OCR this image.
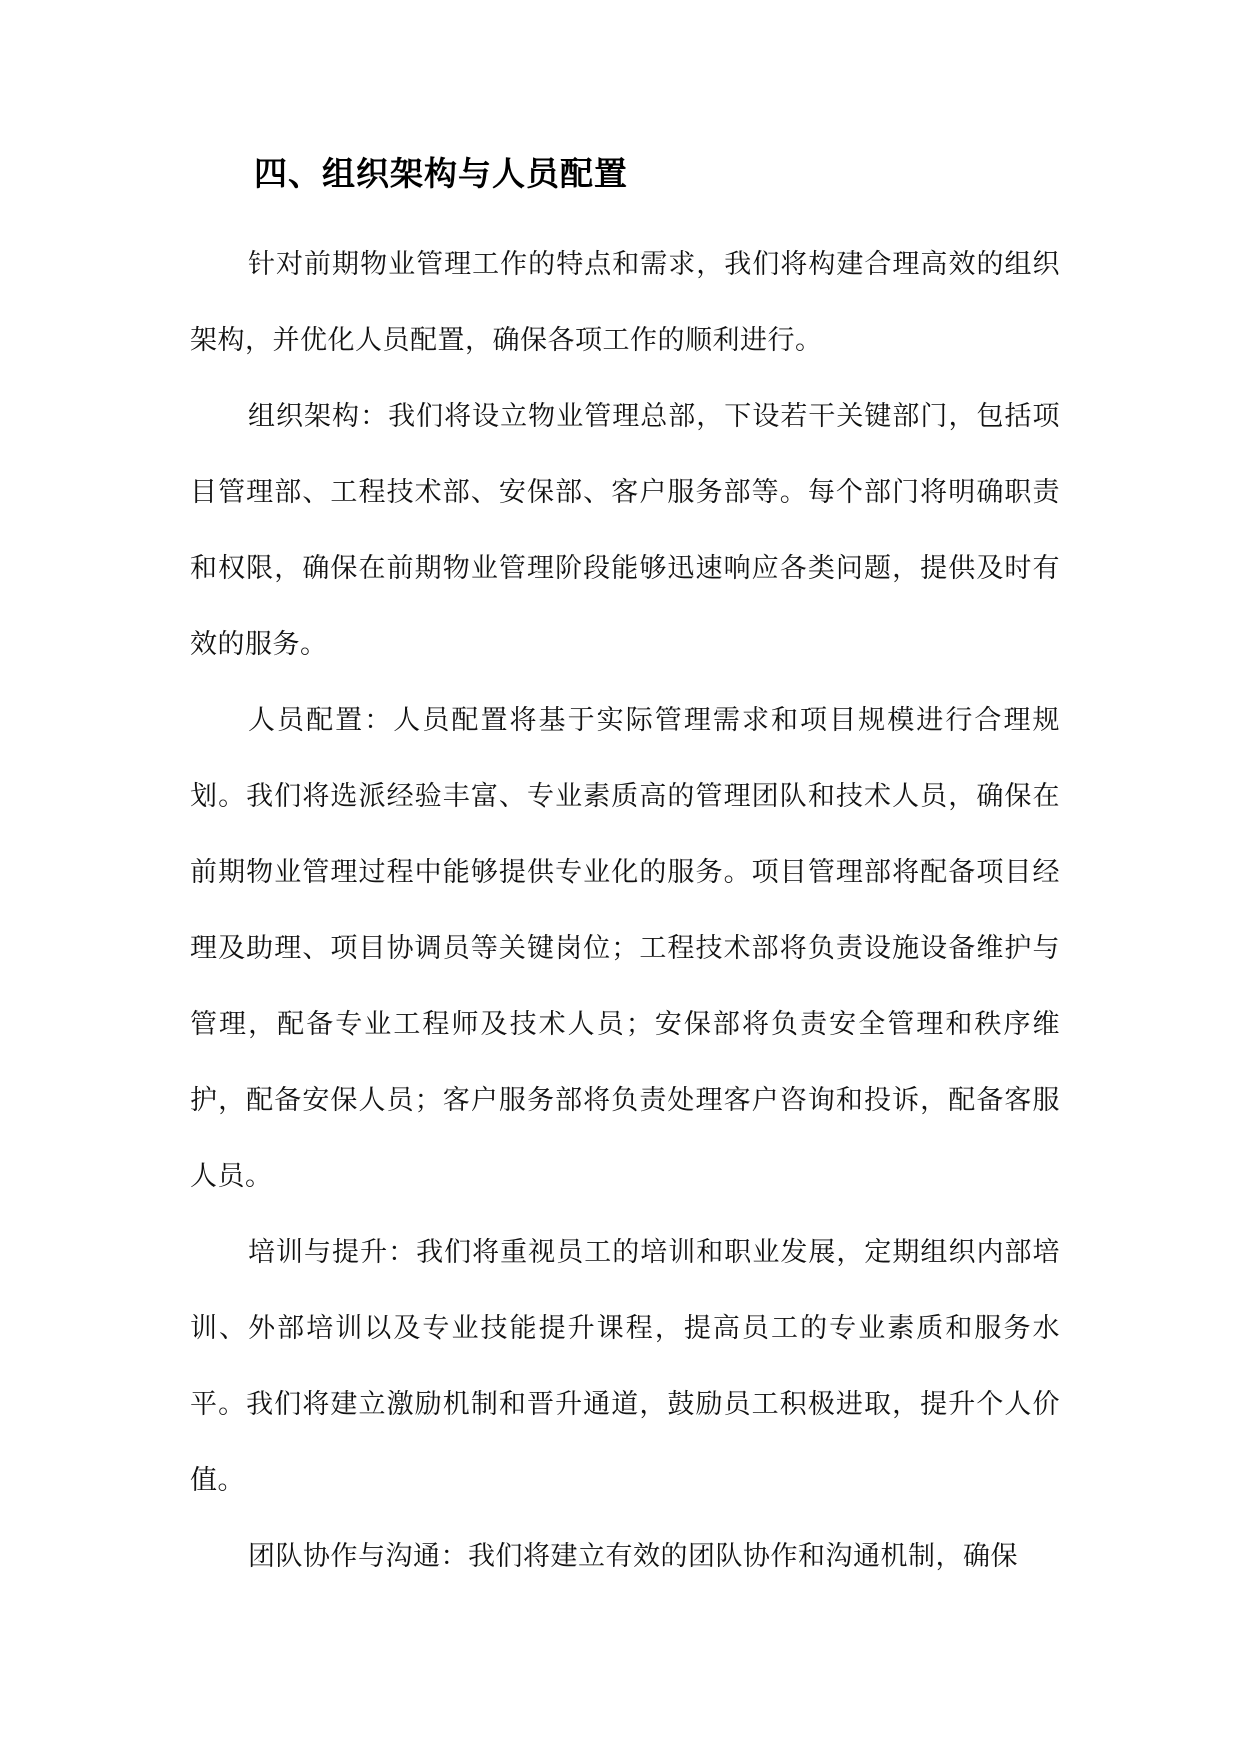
四、组织架构与人员配置

针对前期物业管理工作的特点和需求，我们将构建合理高效的组织架构，并优化人员配置，确保各项工作的顺利进行。

组织架构：我们将设立物业管理总部，下设若干关键部门，包括项目管理部、工程技术部、安保部、客户服务部等。每个部门将明确职责和权限，确保在前期物业管理阶段能够迅速响应各类问题，提供及时有效的服务。

人员配置：人员配置将基于实际管理需求和项目规模进行合理规划。我们将选派经验丰富、专业素质高的管理团队和技术人员，确保在前期物业管理过程中能够提供专业化的服务。项目管理部将配备项目经理及助理、项目协调员等关键岗位；工程技术部将负责设施设备维护与管理，配备专业工程师及技术人员；安保部将负责安全管理和秩序维护，配备安保人员；客户服务部将负责处理客户咨询和投诉，配备客服人员。

培训与提升：我们将重视员工的培训和职业发展，定期组织内部培训、外部培训以及专业技能提升课程，提高员工的专业素质和服务水平。我们将建立激励机制和晋升通道，鼓励员工积极进取，提升个人价值。

团队协作与沟通：我们将建立有效的团队协作和沟通机制，确保
